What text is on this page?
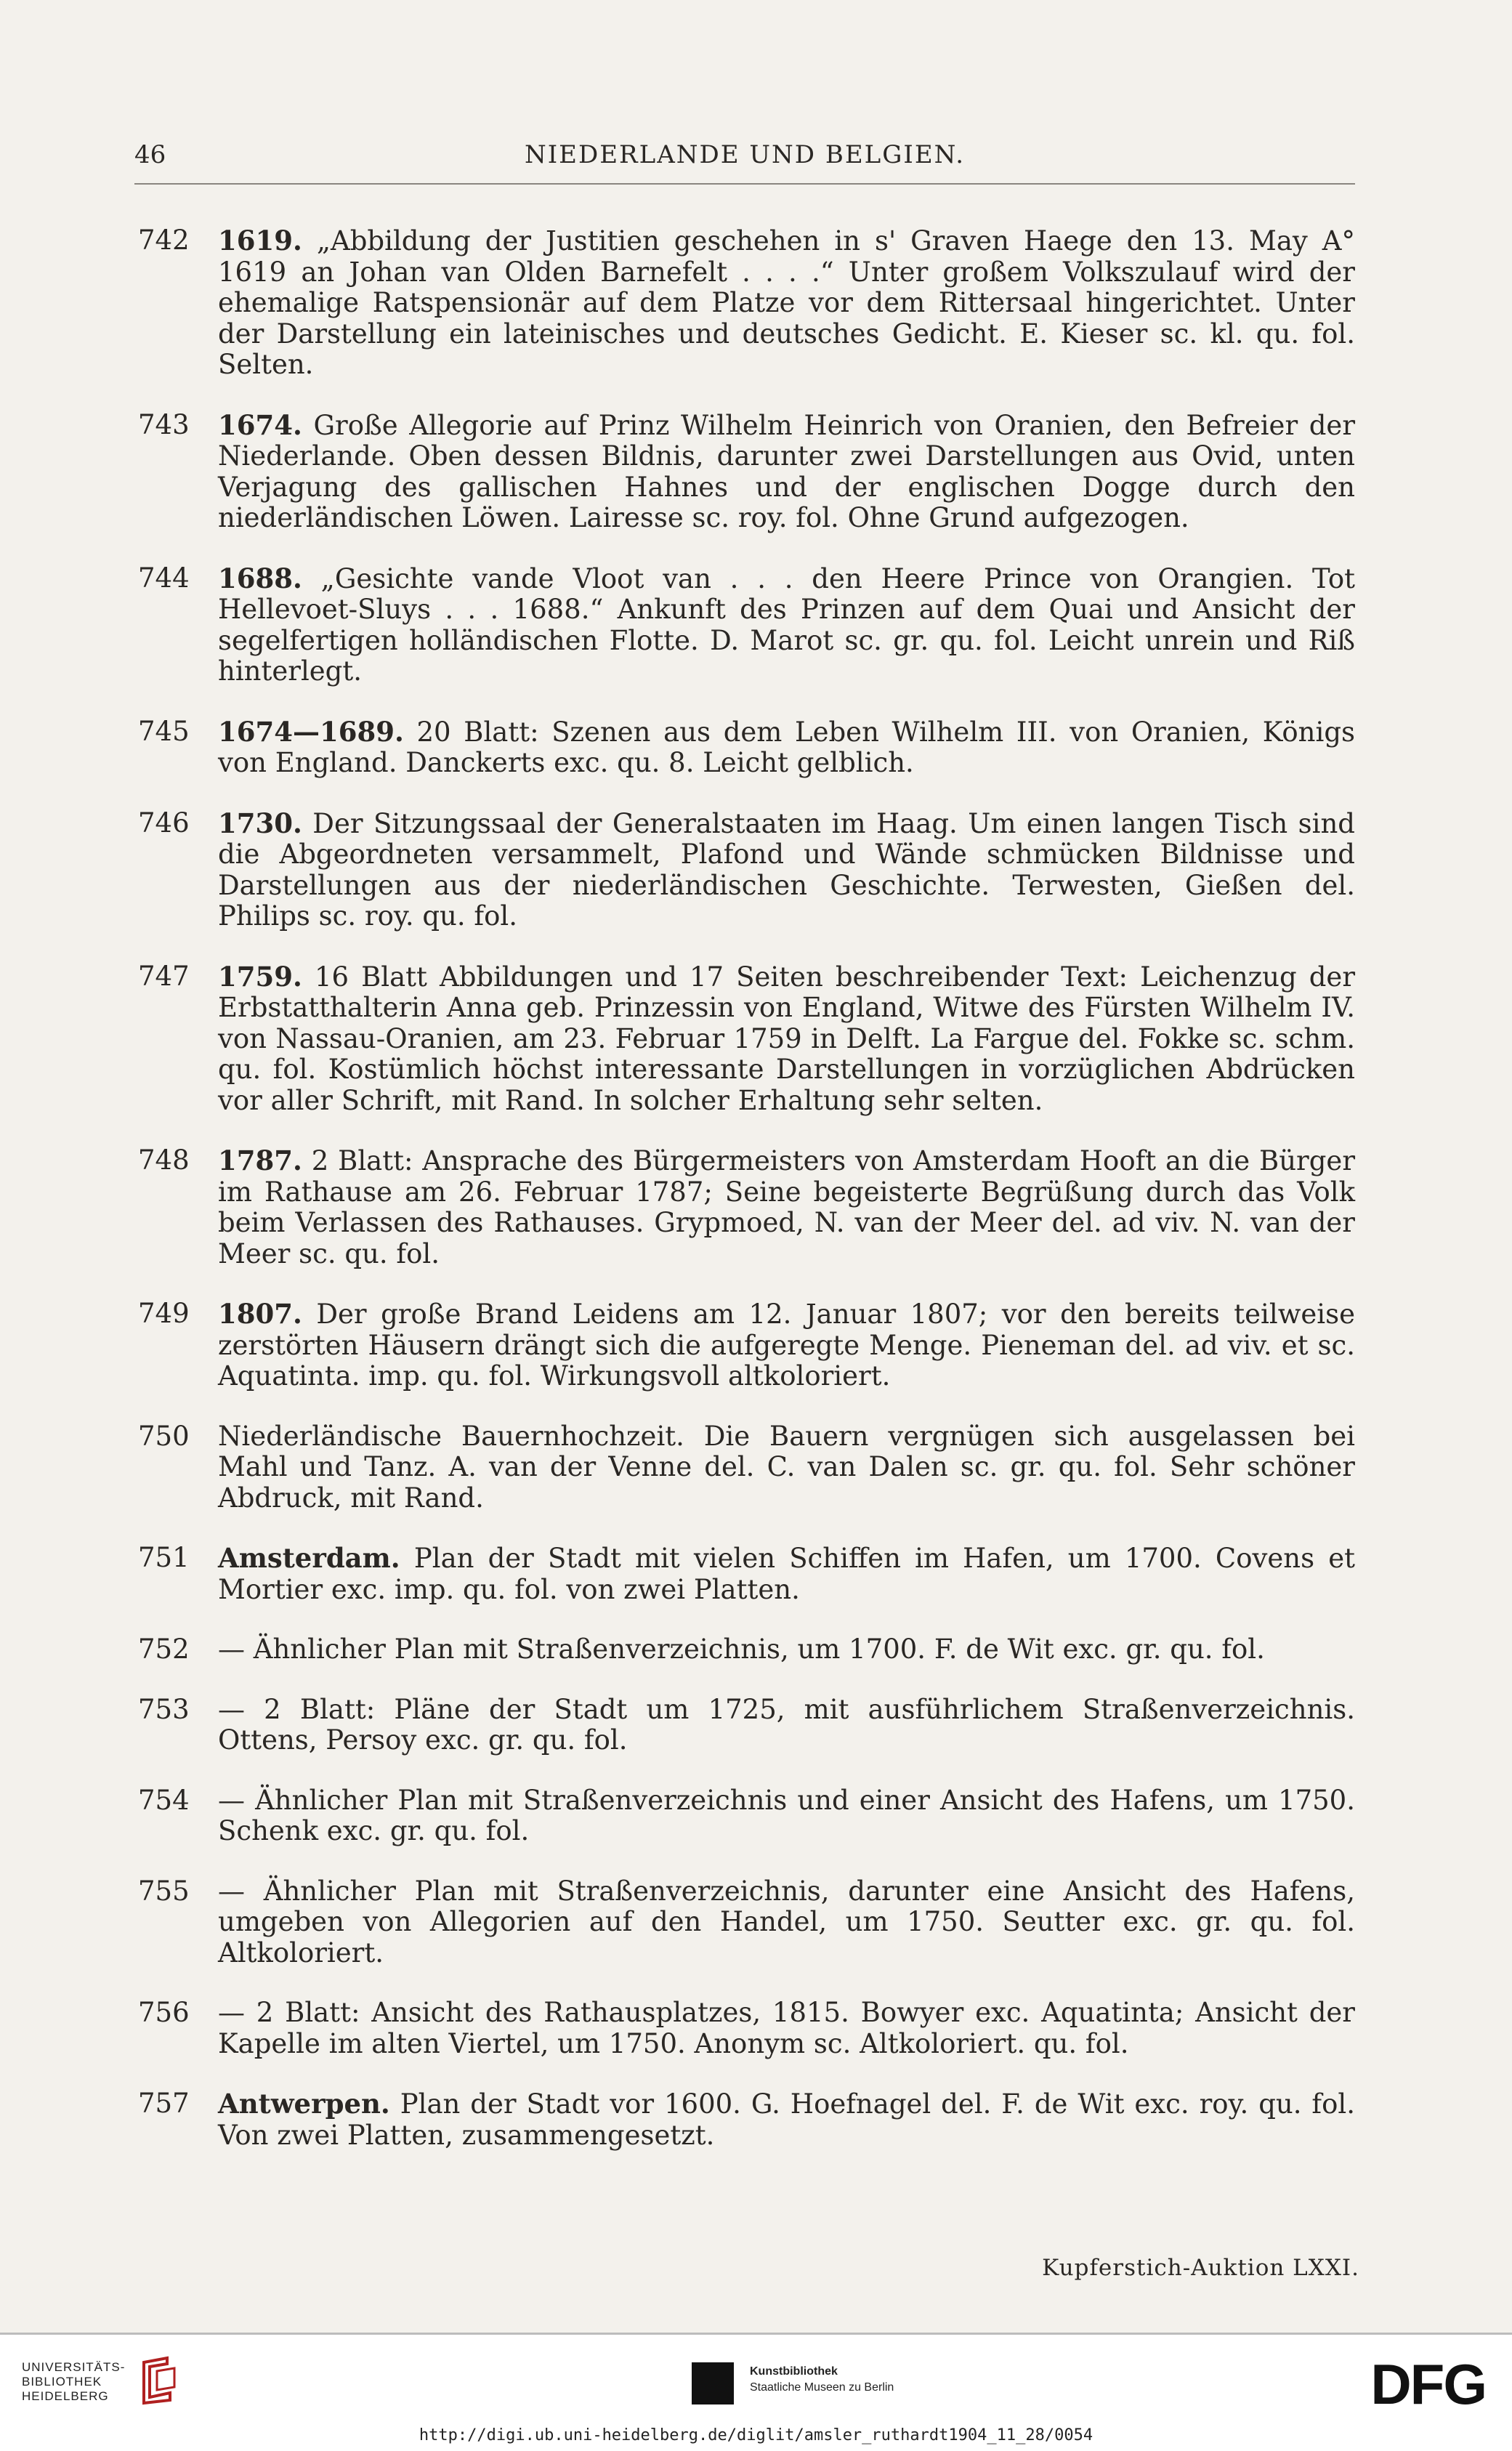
46	NIEDERLANDE UND BELGIEN.
742 1619. „Abbildung der Justitien geschehen in s' Graven Haege den 13. May A° 1619 an Johan van Olden Barnefelt . . . .“ Unter großem Volkszulauf wird der ehemalige Ratspensionär auf dem Platze vor dem Rittersaal hingerichtet. Unter der Darstellung ein lateinisches und deutsches Gedicht. E. Kieser sc. kl. qu. fol. Selten.
743 1674. Große Allegorie auf Prinz Wilhelm Heinrich von Oranien, den Befreier der Niederlande. Oben dessen Bildnis, darunter zwei Darstellungen aus Ovid, unten Verjagung des gallischen Hahnes und der englischen Dogge durch den niederländischen Löwen. Lairesse sc. roy. fol. Ohne Grund aufgezogen.
744 1688. „Gesichte vande Vloot van . . . den Heere Prince von Orangien. Tot Hellevoet-Sluys . . . 1688.“ Ankunft des Prinzen auf dem Quai und Ansicht der segelfertigen holländischen Flotte. D. Marot sc. gr. qu. fol. Leicht unrein und Riß hinterlegt.
745 1674—1689. 20 Blatt: Szenen aus dem Leben Wilhelm III. von Oranien, Königs von England. Danckerts exc. qu. 8. Leicht gelblich.
746 1730. Der Sitzungssaal der Generalstaaten im Haag. Um einen langen Tisch sind die Abgeordneten versammelt, Plafond und Wände schmücken Bildnisse und Darstellungen aus der niederländischen Geschichte. Terwesten, Gießen del. Philips sc. roy. qu. fol.
747 1759. 16 Blatt Abbildungen und 17 Seiten beschreibender Text: Leichenzug der Erbstatthalterin Anna geb. Prinzessin von England, Witwe des Fürsten Wilhelm IV. von Nassau-Oranien, am 23. Februar 1759 in Delft. La Fargue del. Fokke sc. schm. qu. fol. Kostümlich höchst interessante Darstellungen in vorzüglichen Abdrücken vor aller Schrift, mit Rand. In solcher Erhaltung sehr selten.
748 1787. 2 Blatt: Ansprache des Bürgermeisters von Amsterdam Hooft an die Bürger im Rathause am 26. Februar 1787; Seine begeisterte Begrüßung durch das Volk beim Verlassen des Rathauses. Grypmoed, N. van der Meer del. ad viv. N. van der Meer sc. qu. fol.
749 1807. Der große Brand Leidens am 12. Januar 1807; vor den bereits teilweise zerstörten Häusern drängt sich die aufgeregte Menge. Pieneman del. ad viv. et sc. Aquatinta. imp. qu. fol. Wirkungsvoll altkoloriert.
750 Niederländische Bauernhochzeit. Die Bauern vergnügen sich ausgelassen bei Mahl und Tanz. A. van der Venne del. C. van Dalen sc. gr. qu. fol. Sehr schöner Abdruck, mit Rand.
751 Amsterdam. Plan der Stadt mit vielen Schiffen im Hafen, um 1700. Covens et Mortier exc. imp. qu. fol. von zwei Platten.
752 — Ähnlicher Plan mit Straßenverzeichnis, um 1700. F. de Wit exc. gr. qu. fol.
753 — 2 Blatt: Pläne der Stadt um 1725, mit ausführlichem Straßenverzeichnis. Ottens, Persoy exc. gr. qu. fol.
754 — Ähnlicher Plan mit Straßenverzeichnis und einer Ansicht des Hafens, um 1750. Schenk exc. gr. qu. fol.
755 — Ähnlicher Plan mit Straßenverzeichnis, darunter eine Ansicht des Hafens, umgeben von Allegorien auf den Handel, um 1750. Seutter exc. gr. qu. fol. Altkoloriert.
756 — 2 Blatt: Ansicht des Rathausplatzes, 1815. Bowyer exc. Aquatinta; Ansicht der Kapelle im alten Viertel, um 1750. Anonym sc. Altkoloriert. qu. fol.
757 Antwerpen. Plan der Stadt vor 1600. G. Hoefnagel del. F. de Wit exc. roy. qu. fol. Von zwei Platten, zusammengesetzt.
Kupferstich-Auktion LXXI.
UNIVERSITÄTS-
BIBLIOTHEK
HEIDELBERG
Kunstbibliothek
Staatliche Museen zu Berlin	DFG
http://digi.ub.uni-heidelberg.de/diglit/amsler_ruthardt1904_11_28/0054
